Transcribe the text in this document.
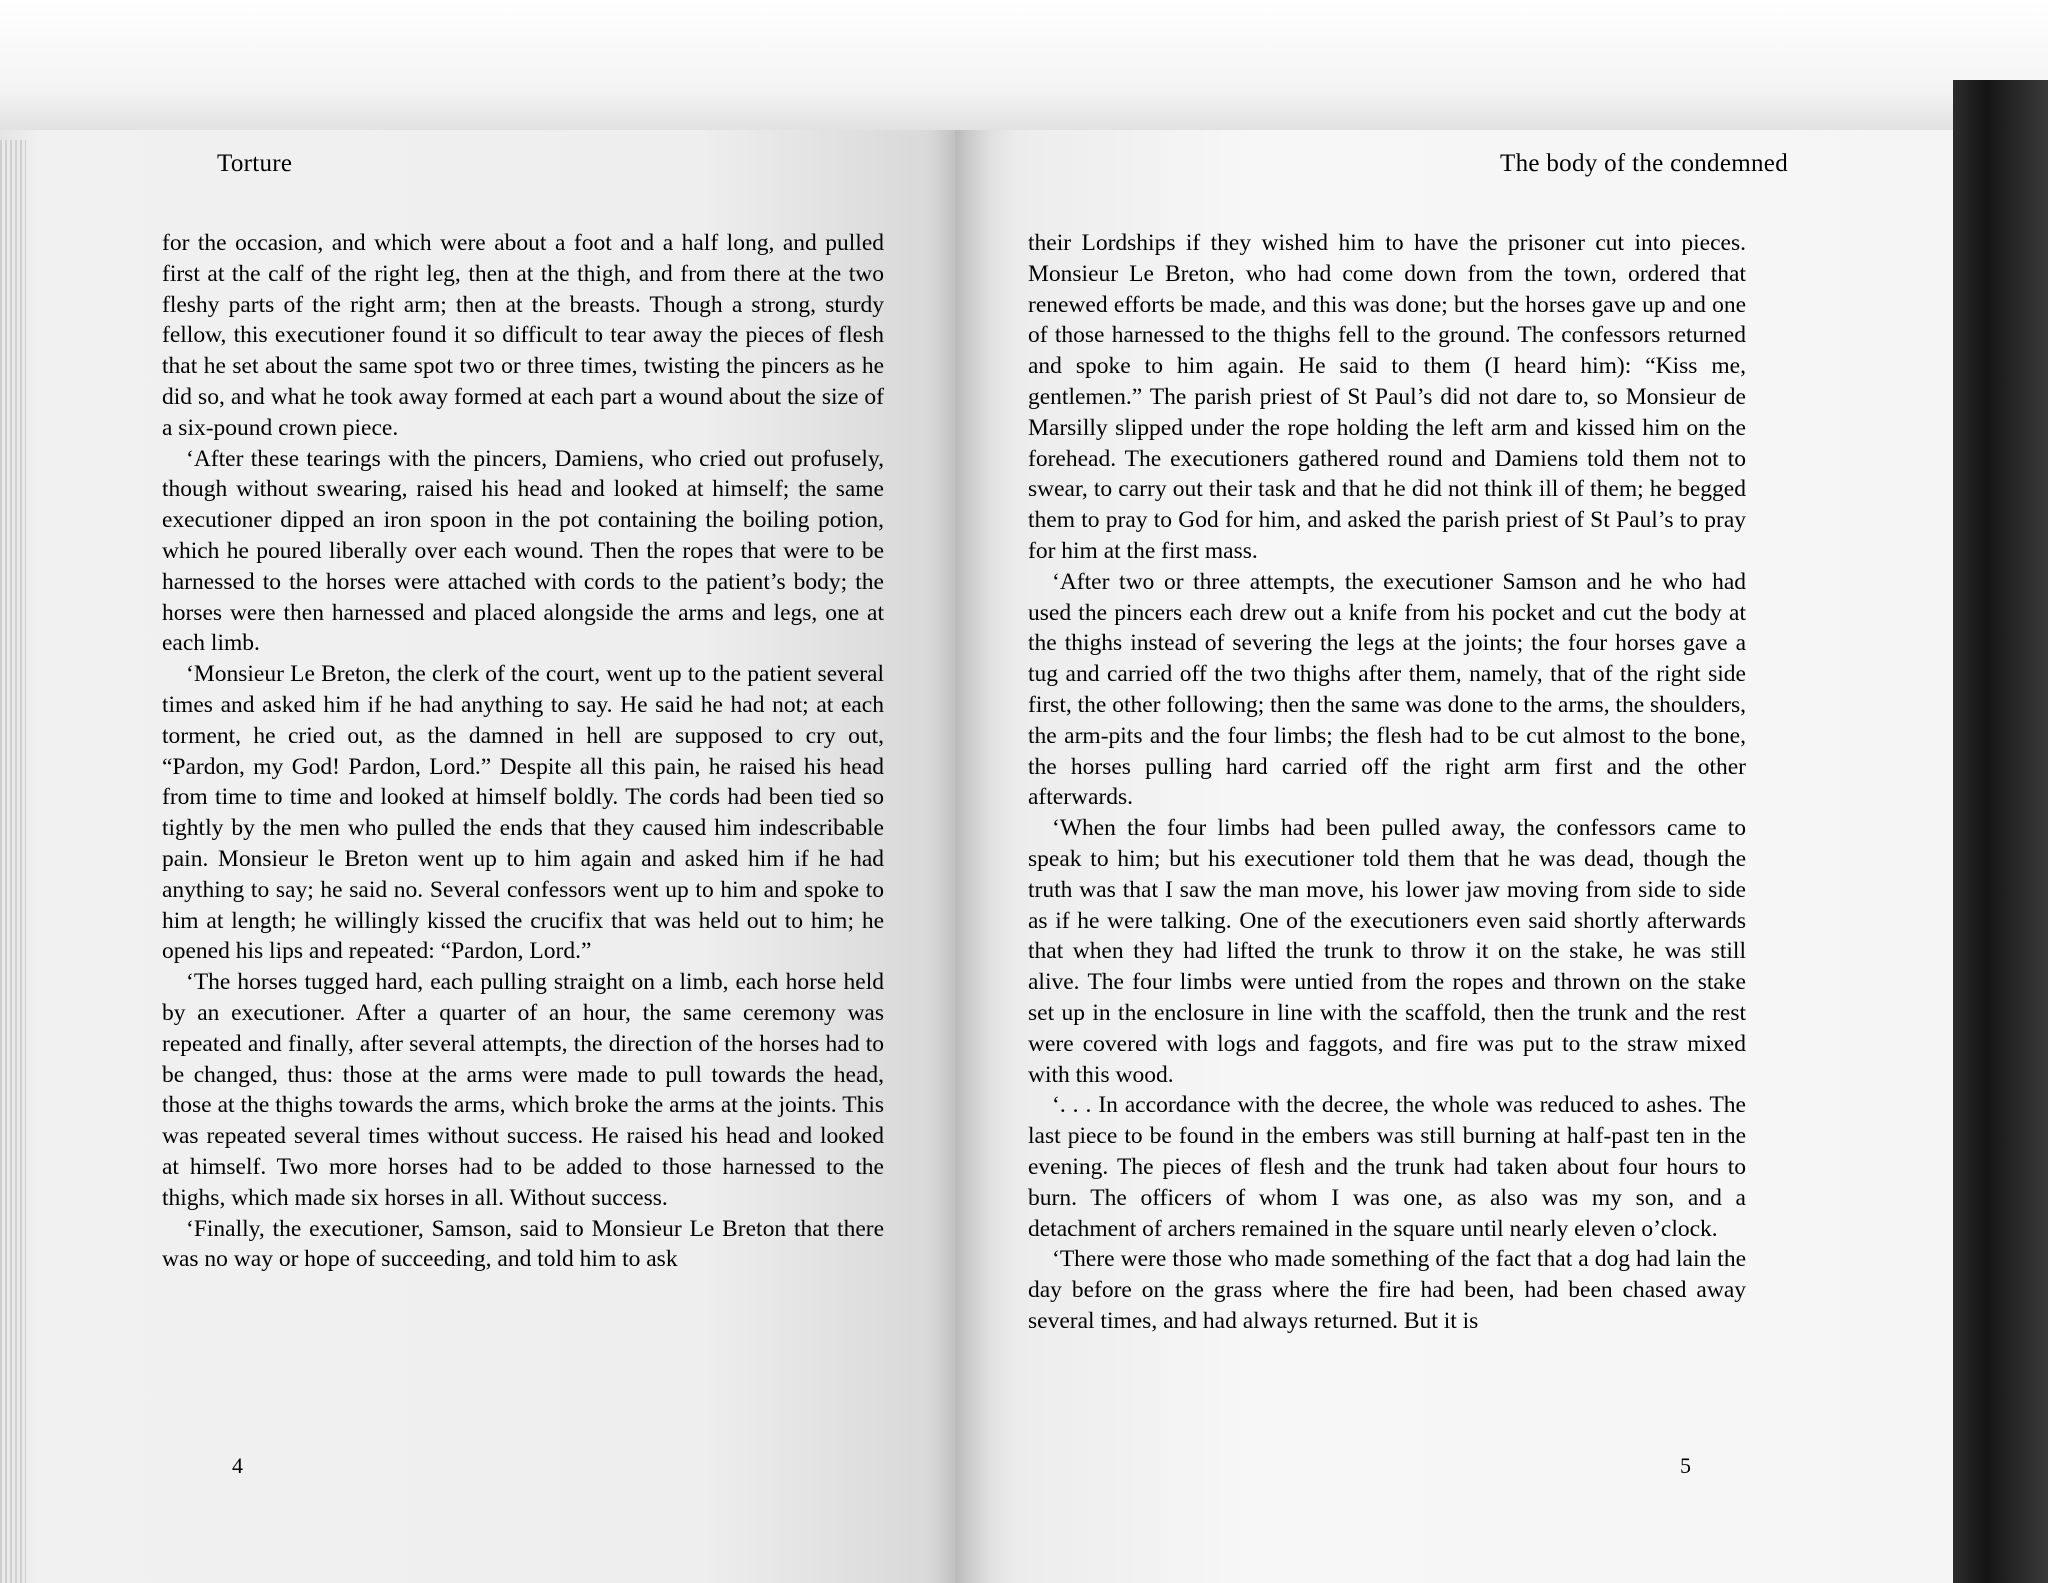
Torture	The body of the condemned

for the occasion, and which were about a foot and a half long, and pulled first at the calf of the right leg, then at the thigh, and from there at the two fleshy parts of the right arm; then at the breasts. Though a strong, sturdy fellow, this executioner found it so difficult to tear away the pieces of flesh that he set about the same spot two or three times, twisting the pincers as he did so, and what he took away formed at each part a wound about the size of a six-pound crown piece.

‘After these tearings with the pincers, Damiens, who cried out profusely, though without swearing, raised his head and looked at himself; the same executioner dipped an iron spoon in the pot containing the boiling potion, which he poured liberally over each wound. Then the ropes that were to be harnessed to the horses were attached with cords to the patient’s body; the horses were then harnessed and placed alongside the arms and legs, one at each limb.

‘Monsieur Le Breton, the clerk of the court, went up to the patient several times and asked him if he had anything to say. He said he had not; at each torment, he cried out, as the damned in hell are supposed to cry out, “Pardon, my God! Pardon, Lord.” Despite all this pain, he raised his head from time to time and looked at himself boldly. The cords had been tied so tightly by the men who pulled the ends that they caused him indescribable pain. Monsieur le Breton went up to him again and asked him if he had anything to say; he said no. Several confessors went up to him and spoke to him at length; he willingly kissed the crucifix that was held out to him; he opened his lips and repeated: “Pardon, Lord.”

‘The horses tugged hard, each pulling straight on a limb, each horse held by an executioner. After a quarter of an hour, the same ceremony was repeated and finally, after several attempts, the direction of the horses had to be changed, thus: those at the arms were made to pull towards the head, those at the thighs towards the arms, which broke the arms at the joints. This was repeated several times without success. He raised his head and looked at himself. Two more horses had to be added to those harnessed to the thighs, which made six horses in all. Without success.

‘Finally, the executioner, Samson, said to Monsieur Le Breton that there was no way or hope of succeeding, and told him to ask

their Lordships if they wished him to have the prisoner cut into pieces. Monsieur Le Breton, who had come down from the town, ordered that renewed efforts be made, and this was done; but the horses gave up and one of those harnessed to the thighs fell to the ground. The confessors returned and spoke to him again. He said to them (I heard him): “Kiss me, gentlemen.” The parish priest of St Paul’s did not dare to, so Monsieur de Marsilly slipped under the rope holding the left arm and kissed him on the forehead. The executioners gathered round and Damiens told them not to swear, to carry out their task and that he did not think ill of them; he begged them to pray to God for him, and asked the parish priest of St Paul’s to pray for him at the first mass.

‘After two or three attempts, the executioner Samson and he who had used the pincers each drew out a knife from his pocket and cut the body at the thighs instead of severing the legs at the joints; the four horses gave a tug and carried off the two thighs after them, namely, that of the right side first, the other following; then the same was done to the arms, the shoulders, the arm-pits and the four limbs; the flesh had to be cut almost to the bone, the horses pulling hard carried off the right arm first and the other afterwards.

‘When the four limbs had been pulled away, the confessors came to speak to him; but his executioner told them that he was dead, though the truth was that I saw the man move, his lower jaw moving from side to side as if he were talking. One of the executioners even said shortly afterwards that when they had lifted the trunk to throw it on the stake, he was still alive. The four limbs were untied from the ropes and thrown on the stake set up in the enclosure in line with the scaffold, then the trunk and the rest were covered with logs and faggots, and fire was put to the straw mixed with this wood.

‘. . . In accordance with the decree, the whole was reduced to ashes. The last piece to be found in the embers was still burning at half-past ten in the evening. The pieces of flesh and the trunk had taken about four hours to burn. The officers of whom I was one, as also was my son, and a detachment of archers remained in the square until nearly eleven o’clock.

‘There were those who made something of the fact that a dog had lain the day before on the grass where the fire had been, had been chased away several times, and had always returned. But it is

4	5
